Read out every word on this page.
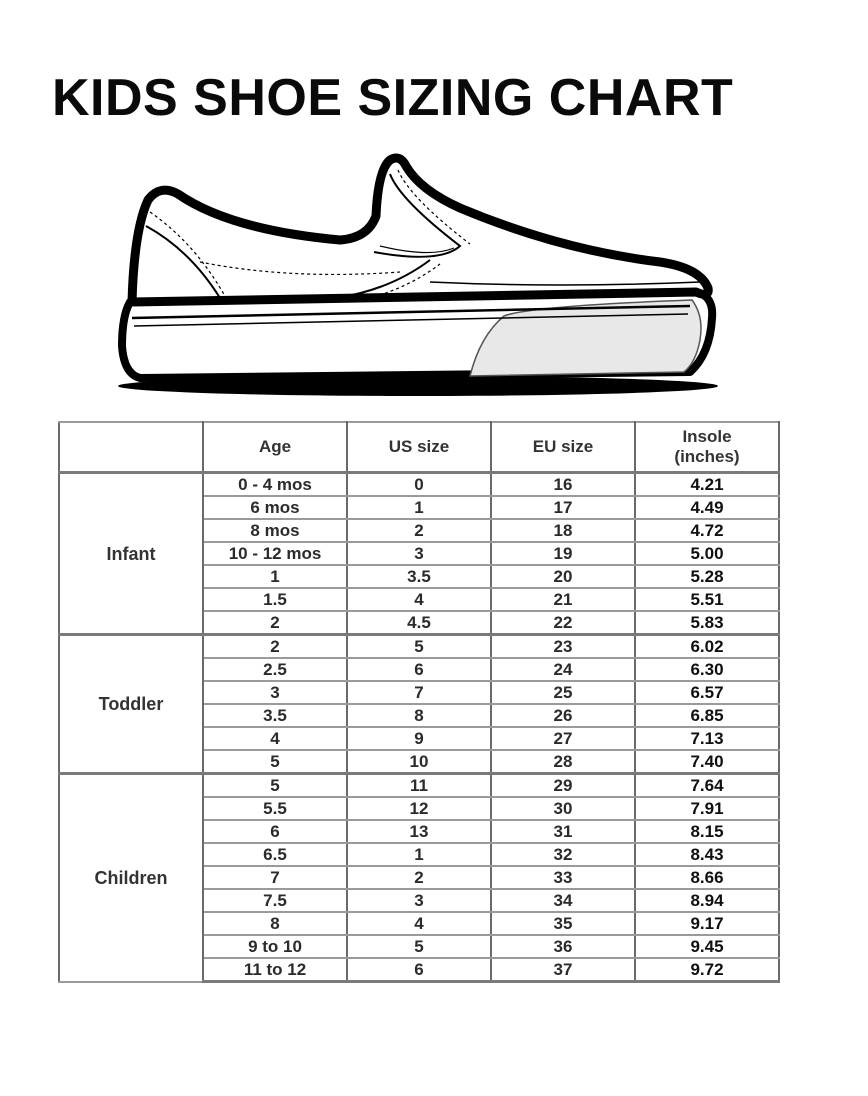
KIDS SHOE SIZING CHART
	Age	US size	EU size	Insole
(inches)
Infant	0 - 4 mos	0	16	4.21
	6 mos	1	17	4.49
	8 mos	2	18	4.72
	10 - 12 mos	3	19	5.00
	1	3.5	20	5.28
	1.5	4	21	5.51
	2	4.5	22	5.83
Toddler	2	5	23	6.02
	2.5	6	24	6.30
	3	7	25	6.57
	3.5	8	26	6.85
	4	9	27	7.13
	5	10	28	7.40
Children	5	11	29	7.64
	5.5	12	30	7.91
	6	13	31	8.15
	6.5	1	32	8.43
	7	2	33	8.66
	7.5	3	34	8.94
	8	4	35	9.17
	9 to 10	5	36	9.45
	11 to 12	6	37	9.72
